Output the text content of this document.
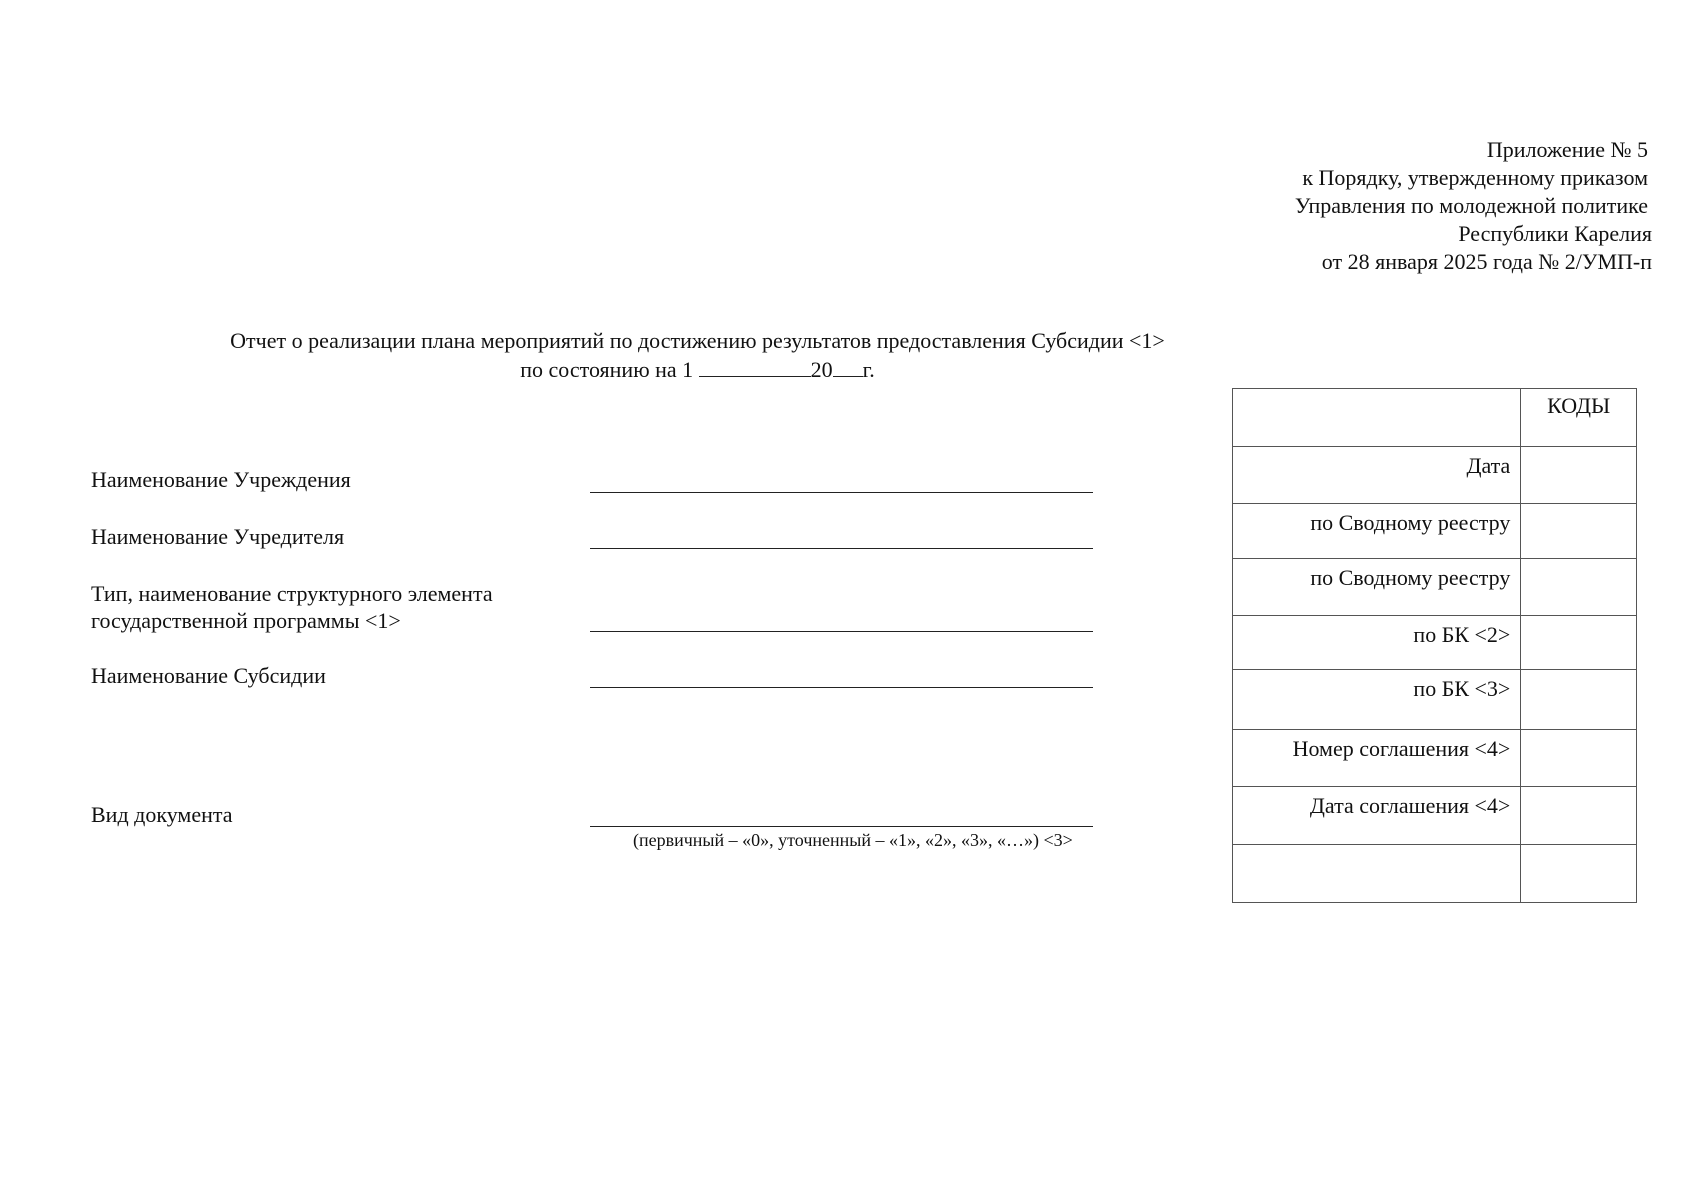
Приложение № 5
к Порядку, утвержденному приказом
Управления по молодежной политике
Республики Карелия
от 28 января 2025 года № 2/УМП-п
Отчет о реализации плана мероприятий по достижению результатов предоставления Субсидии <1>
по состоянию на 1	20 г.
Наименование Учреждения
Наименование Учредителя
Тип, наименование структурного элемента
государственной программы <1>
Наименование Субсидии
Вид документа
(первичный – «0», уточненный – «1», «2», «3», «…») <3>
	КОДЫ
Дата	
по Сводному реестру	
по Сводному реестру	
по БК <2>	
по БК <3>	
Номер соглашения <4>	
Дата соглашения <4>	
